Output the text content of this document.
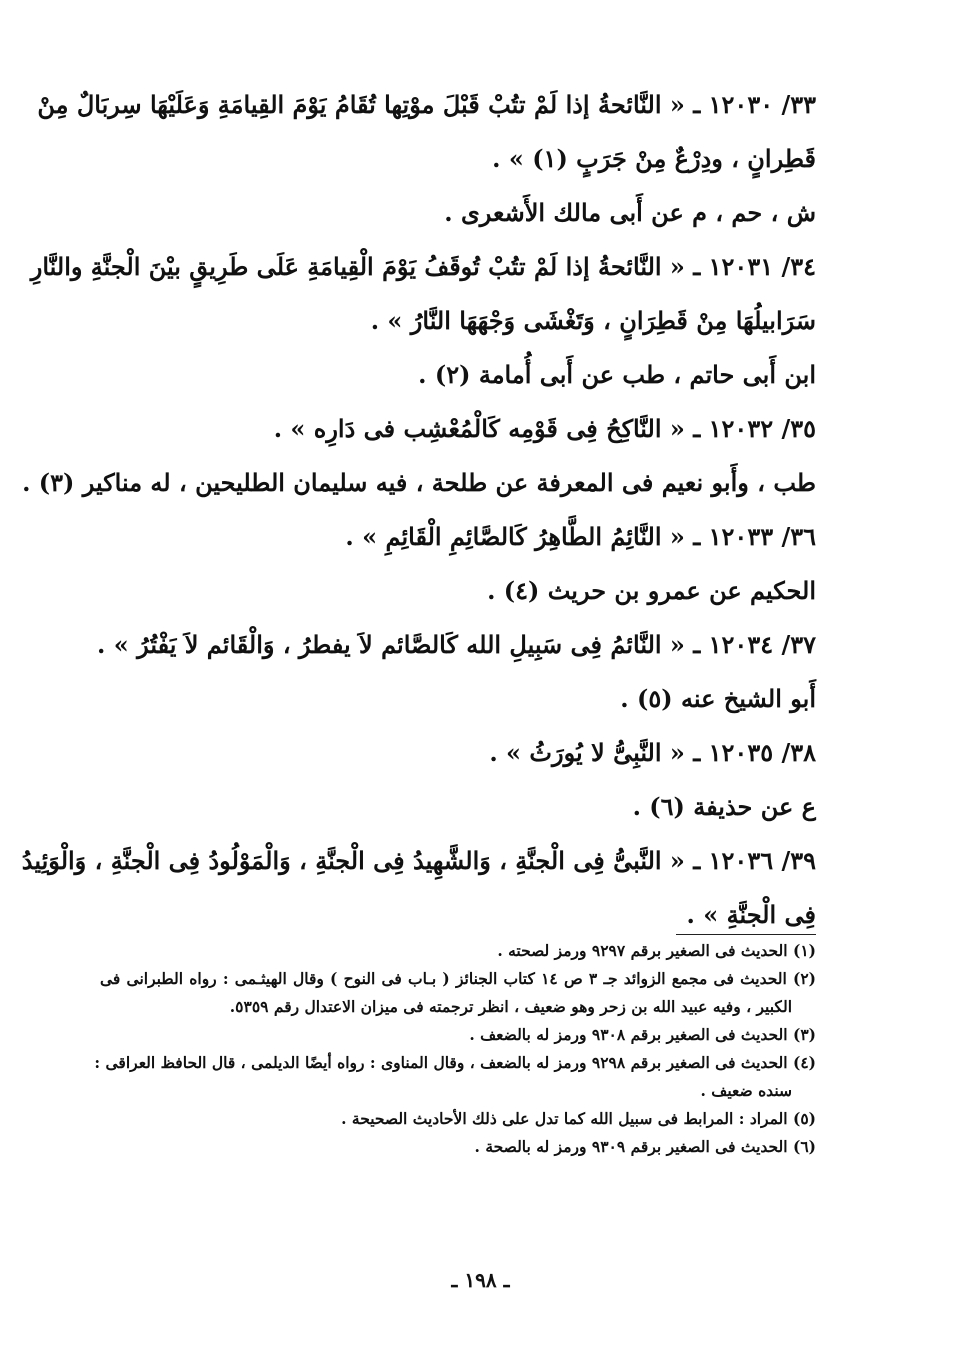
٣٣/ ١٢٠٣٠ ـ « النَّائحةُ إذا لَمْ تتُبْ قَبْلَ موْتِها تُقَامُ يَوْمَ القِيامَةِ وَعَلَيْهَا سِربَالٌ مِنْ
قَطِرانٍ ، ودِرْعٌ مِنْ جَرَبٍ (١) » .
ش ، حم ، م عن أَبى مالك الأَشعرى .
٣٤/ ١٢٠٣١ ـ « النَّائحةُ إذا لَمْ تتُبْ تُوقَفُ يَوْمَ الْقِيامَةِ عَلَى طَرِيقٍ بيْنَ الْجنَّةِ والنَّارِ
سَرَابيلُهَا مِنْ قَطِرَانٍ ، وَتَغْشَى وَجْهَهَا النَّارُ » .
ابن أَبى حاتم ، طب عن أَبى أُمامة (٢) .
٣٥/ ١٢٠٣٢ ـ « النَّاكِحُ فِى قَوْمِه كَالْمُعْشِب فى دَارِه » .
طب ، وأَبو نعيم فى المعرفة عن طلحة ، فيه سليمان الطليحين ، له مناكير (٣) .
٣٦/ ١٢٠٣٣ ـ « النَّائِمُ الطَّاهِرُ كَالصَّائِمِ الْقَائِمِ » .
الحكيم عن عمرو بن حريث (٤) .
٣٧/ ١٢٠٣٤ ـ « النَّائمُ فِى سَبِيلِ الله كَالصَّائم لاَ يفطرُ ، وَالْقَائم لاَ يَفْتُرُ » .
أَبو الشيخ عنه (٥) .
٣٨/ ١٢٠٣٥ ـ « النَّبِىُّ لا يُورَثُ » .
ع عن حذيفة (٦) .
٣٩/ ١٢٠٣٦ ـ « النَّبىُّ فِى الْجنَّةِ ، وَالشَّهِيدُ فِى الْجنَّةِ ، وَالْمَوْلُودُ فِى الْجنَّةِ ، وَالْوَئِيدُ
فِى الْجنَّةِ » .
(١) الحديث فى الصغير برقم ٩٢٩٧ ورمز لصحته .
(٢) الحديث فى مجمع الزوائد جـ ٣ ص ١٤ كتاب الجنائز ( بـاب فى النوح ) وقال الهيثـمى : رواه الطبرانى فى
الكبير ، وفيه عبيد الله بن زحر وهو ضعيف ، انظر ترجمته فى ميزان الاعتدال رقم ٥٣٥٩.
(٣) الحديث فى الصغير برقم ٩٣٠٨ ورمز له بالضعف .
(٤) الحديث فى الصغير برقم ٩٢٩٨ ورمز له بالضعف ، وقال المناوى : رواه أيضًا الديلمى ، قال الحافظ العراقى :
سنده ضعيف .
(٥) المراد : المرابط فى سبيل الله كما تدل على ذلك الأحاديث الصحيحة .
(٦) الحديث فى الصغير برقم ٩٣٠٩ ورمز له بالصحة .
ـ ١٩٨ ـ
